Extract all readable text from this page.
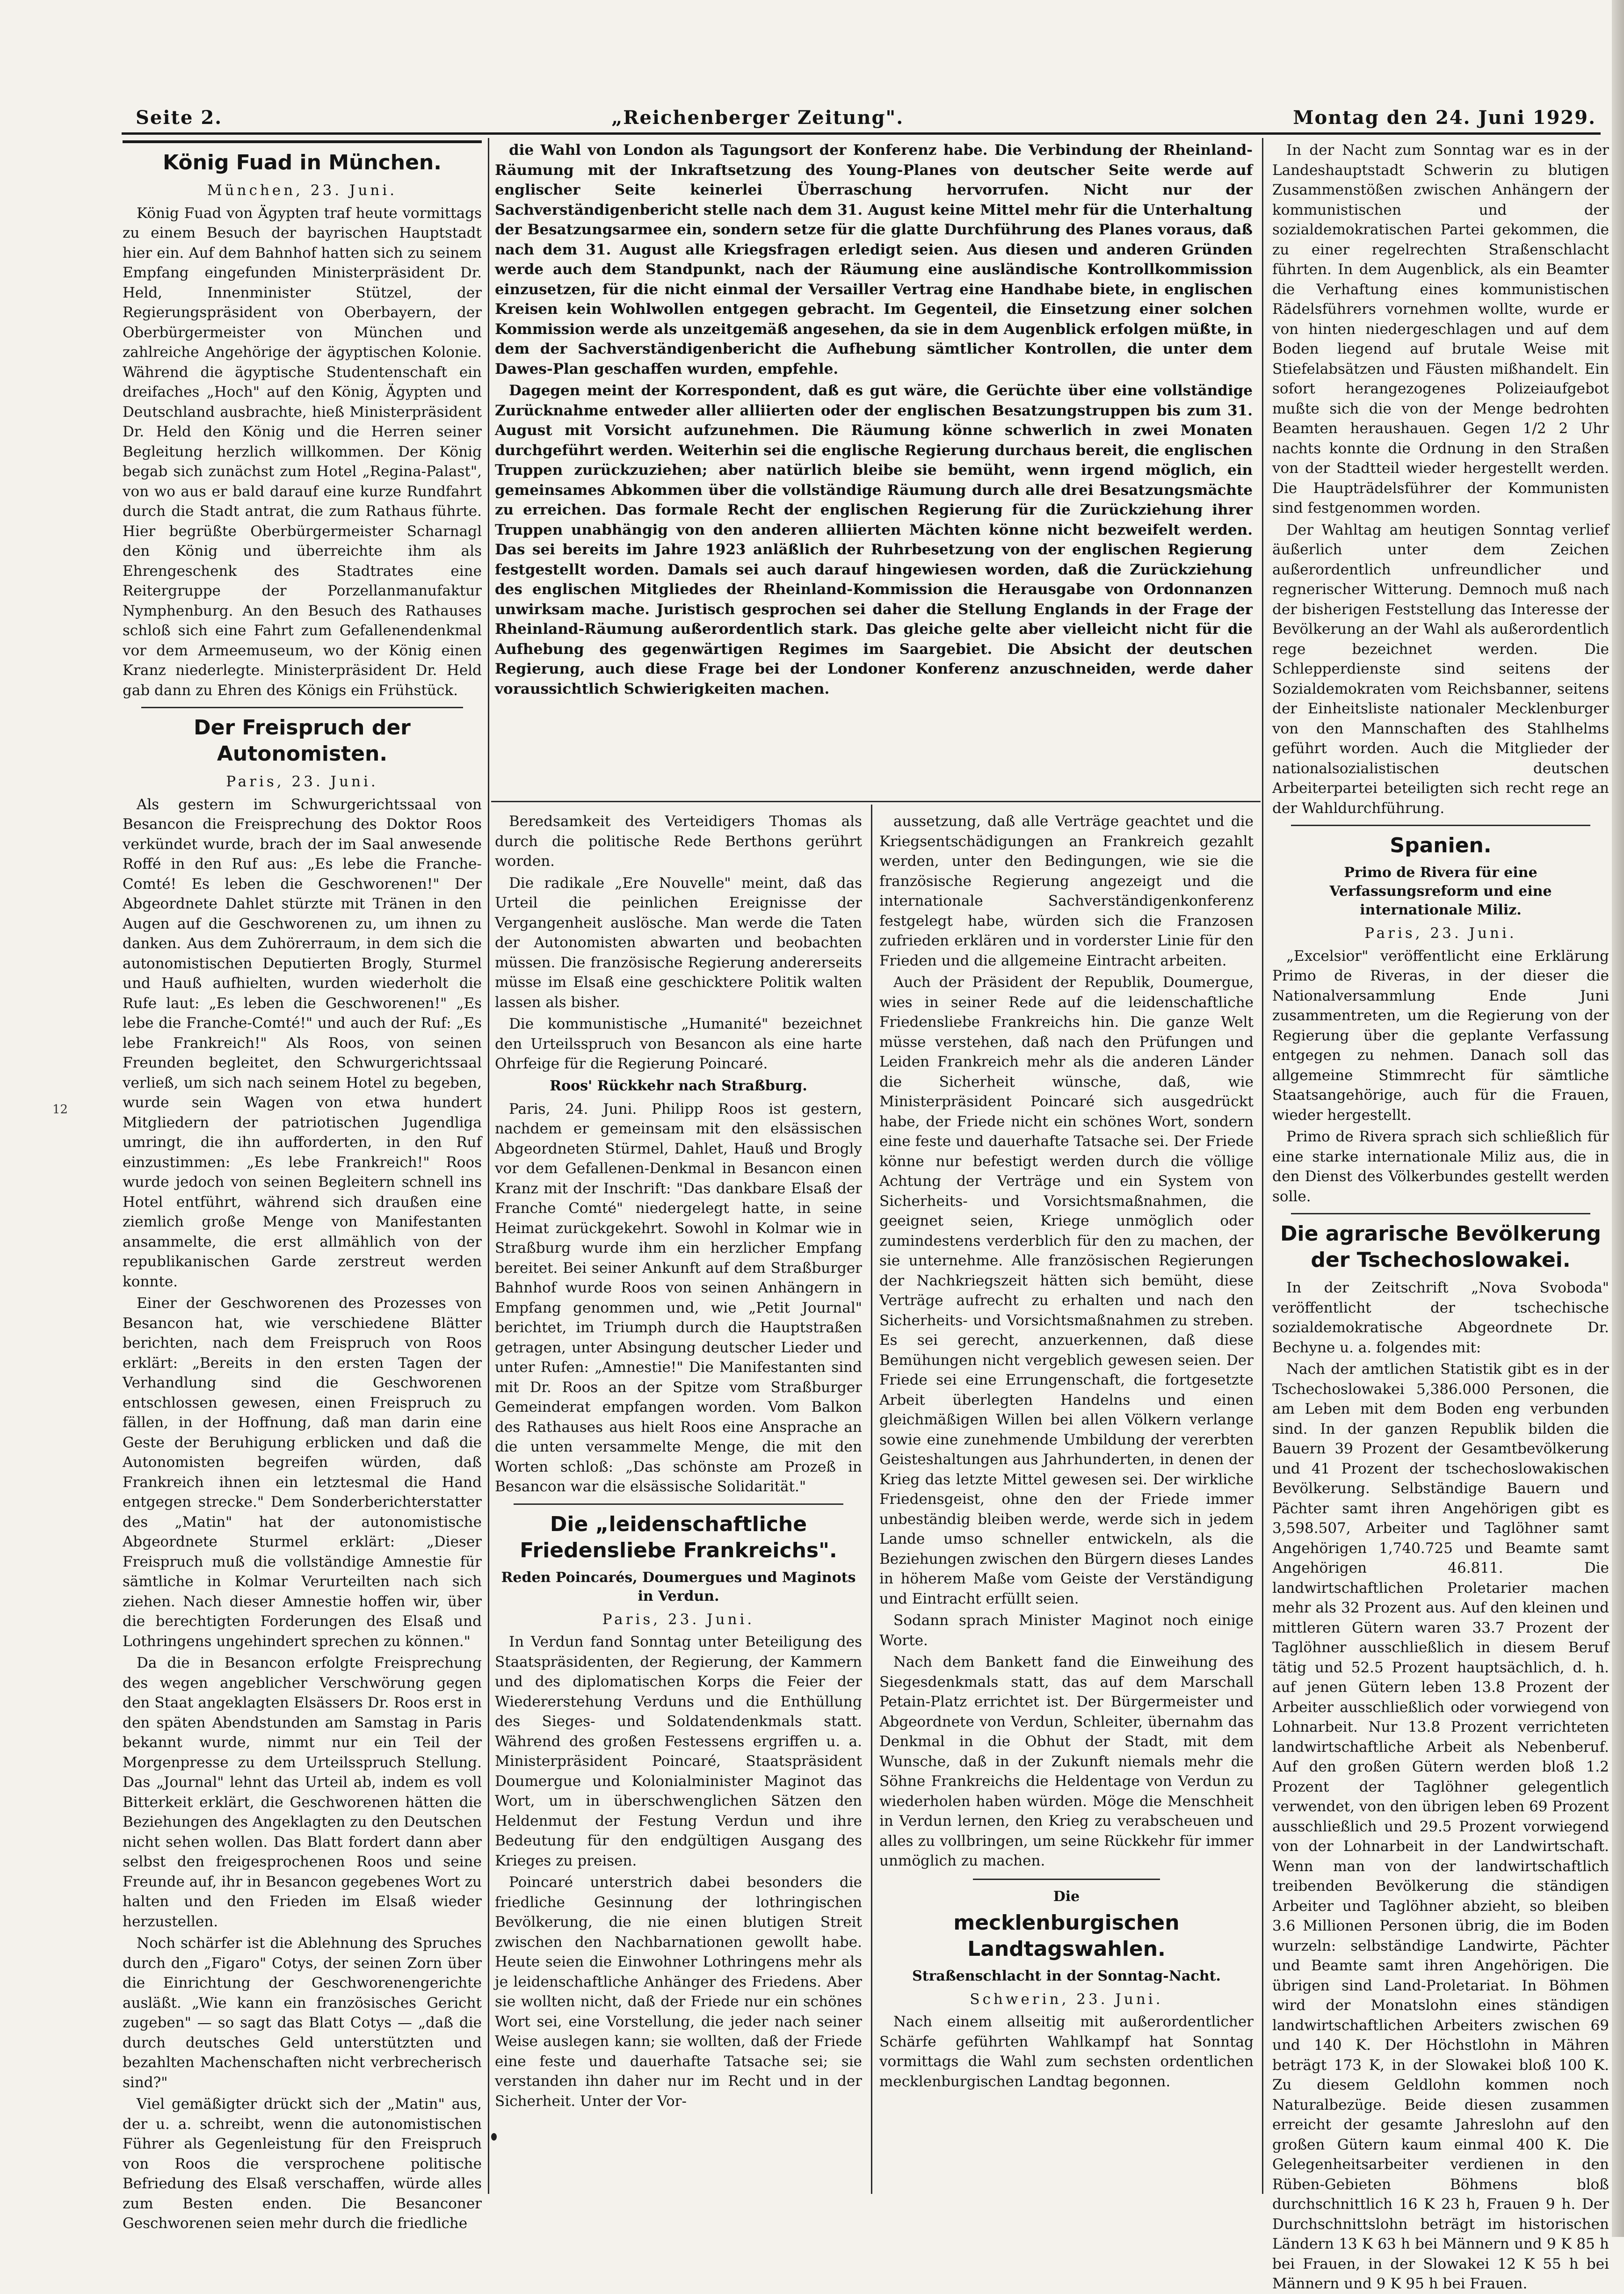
Seite 2.	„Reichenberger Zeitung".	Montag den 24. Juni 1929.
12
König Fuad in München.

München, 23. Juni.

König Fuad von Ägypten traf heute vormittags zu einem Besuch der bayrischen Hauptstadt hier ein. Auf dem Bahnhof hatten sich zu seinem Empfang eingefunden Ministerpräsident Dr. Held, Innenminister Stützel, der Regierungspräsident von Oberbayern, der Oberbürgermeister von München und zahlreiche Angehörige der ägyptischen Kolonie. Während die ägyptische Studentenschaft ein dreifaches „Hoch" auf den König, Ägypten und Deutschland ausbrachte, hieß Ministerpräsident Dr. Held den König und die Herren seiner Begleitung herzlich willkommen. Der König begab sich zunächst zum Hotel „Regina-Palast", von wo aus er bald darauf eine kurze Rundfahrt durch die Stadt antrat, die zum Rathaus führte. Hier begrüßte Oberbürgermeister Scharnagl den König und überreichte ihm als Ehrengeschenk des Stadtrates eine Reitergruppe der Porzellanmanufaktur Nymphenburg. An den Besuch des Rathauses schloß sich eine Fahrt zum Gefallenendenkmal vor dem Armeemuseum, wo der König einen Kranz niederlegte. Ministerpräsident Dr. Held gab dann zu Ehren des Königs ein Frühstück.

Der Freispruch der Autonomisten.

Paris, 23. Juni.

Als gestern im Schwurgerichtssaal von Besancon die Freisprechung des Doktor Roos verkündet wurde, brach der im Saal anwesende Roffé in den Ruf aus: „Es lebe die Franche-Comté! Es leben die Geschworenen!" Der Abgeordnete Dahlet stürzte mit Tränen in den Augen auf die Geschworenen zu, um ihnen zu danken. Aus dem Zuhörerraum, in dem sich die autonomistischen Deputierten Brogly, Sturmel und Hauß aufhielten, wurden wiederholt die Rufe laut: „Es leben die Geschworenen!" „Es lebe die Franche-Comté!" und auch der Ruf: „Es lebe Frankreich!" Als Roos, von seinen Freunden begleitet, den Schwurgerichtssaal verließ, um sich nach seinem Hotel zu begeben, wurde sein Wagen von etwa hundert Mitgliedern der patriotischen Jugendliga umringt, die ihn aufforderten, in den Ruf einzustimmen: „Es lebe Frankreich!" Roos wurde jedoch von seinen Begleitern schnell ins Hotel entführt, während sich draußen eine ziemlich große Menge von Manifestanten ansammelte, die erst allmählich von der republikanischen Garde zerstreut werden konnte.

Einer der Geschworenen des Prozesses von Besancon hat, wie verschiedene Blätter berichten, nach dem Freispruch von Roos erklärt: „Bereits in den ersten Tagen der Verhandlung sind die Geschworenen entschlossen gewesen, einen Freispruch zu fällen, in der Hoffnung, daß man darin eine Geste der Beruhigung erblicken und daß die Autonomisten begreifen würden, daß Frankreich ihnen ein letztesmal die Hand entgegen strecke." Dem Sonderberichterstatter des „Matin" hat der autonomistische Abgeordnete Sturmel erklärt: „Dieser Freispruch muß die vollständige Amnestie für sämtliche in Kolmar Verurteilten nach sich ziehen. Nach dieser Amnestie hoffen wir, über die berechtigten Forderungen des Elsaß und Lothringens ungehindert sprechen zu können."

Da die in Besancon erfolgte Freisprechung des wegen angeblicher Verschwörung gegen den Staat angeklagten Elsässers Dr. Roos erst in den späten Abendstunden am Samstag in Paris bekannt wurde, nimmt nur ein Teil der Morgenpresse zu dem Urteilsspruch Stellung. Das „Journal" lehnt das Urteil ab, indem es voll Bitterkeit erklärt, die Geschworenen hätten die Beziehungen des Angeklagten zu den Deutschen nicht sehen wollen. Das Blatt fordert dann aber selbst den freigesprochenen Roos und seine Freunde auf, ihr in Besancon gegebenes Wort zu halten und den Frieden im Elsaß wieder herzustellen.

Noch schärfer ist die Ablehnung des Spruches durch den „Figaro" Cotys, der seinen Zorn über die Einrichtung der Geschworenengerichte ausläßt. „Wie kann ein französisches Gericht zugeben" — so sagt das Blatt Cotys — „daß die durch deutsches Geld unterstützten und bezahlten Machenschaften nicht verbrecherisch sind?"

Viel gemäßigter drückt sich der „Matin" aus, der u. a. schreibt, wenn die autonomistischen Führer als Gegenleistung für den Freispruch von Roos die versprochene politische Befriedung des Elsaß verschaffen, würde alles zum Besten enden. Die Besanconer Geschworenen seien mehr durch die friedliche

die Wahl von London als Tagungsort der Konferenz habe. Die Verbindung der Rheinland-Räumung mit der Inkraftsetzung des Young-Planes von deutscher Seite werde auf englischer Seite keinerlei Überraschung hervorrufen. Nicht nur der Sachverständigenbericht stelle nach dem 31. August keine Mittel mehr für die Unterhaltung der Besatzungsarmee ein, sondern setze für die glatte Durchführung des Planes voraus, daß nach dem 31. August alle Kriegsfragen erledigt seien. Aus diesen und anderen Gründen werde auch dem Standpunkt, nach der Räumung eine ausländische Kontrollkommission einzusetzen, für die nicht einmal der Versailler Vertrag eine Handhabe biete, in englischen Kreisen kein Wohlwollen entgegen gebracht. Im Gegenteil, die Einsetzung einer solchen Kommission werde als unzeitgemäß angesehen, da sie in dem Augenblick erfolgen müßte, in dem der Sachverständigenbericht die Aufhebung sämtlicher Kontrollen, die unter dem Dawes-Plan geschaffen wurden, empfehle.

Dagegen meint der Korrespondent, daß es gut wäre, die Gerüchte über eine vollständige Zurücknahme entweder aller alliierten oder der englischen Besatzungstruppen bis zum 31. August mit Vorsicht aufzunehmen. Die Räumung könne schwerlich in zwei Monaten durchgeführt werden. Weiterhin sei die englische Regierung durchaus bereit, die englischen Truppen zurückzuziehen; aber natürlich bleibe sie bemüht, wenn irgend möglich, ein gemeinsames Abkommen über die vollständige Räumung durch alle drei Besatzungsmächte zu erreichen. Das formale Recht der englischen Regierung für die Zurückziehung ihrer Truppen unabhängig von den anderen alliierten Mächten könne nicht bezweifelt werden. Das sei bereits im Jahre 1923 anläßlich der Ruhrbesetzung von der englischen Regierung festgestellt worden. Damals sei auch darauf hingewiesen worden, daß die Zurückziehung des englischen Mitgliedes der Rheinland-Kommission die Herausgabe von Ordonnanzen unwirksam mache. Juristisch gesprochen sei daher die Stellung Englands in der Frage der Rheinland-Räumung außerordentlich stark. Das gleiche gelte aber vielleicht nicht für die Aufhebung des gegenwärtigen Regimes im Saargebiet. Die Absicht der deutschen Regierung, auch diese Frage bei der Londoner Konferenz anzuschneiden, werde daher voraussichtlich Schwierigkeiten machen.

Beredsamkeit des Verteidigers Thomas als durch die politische Rede Berthons gerührt worden.

Die radikale „Ere Nouvelle" meint, daß das Urteil die peinlichen Ereignisse der Vergangenheit auslösche. Man werde die Taten der Autonomisten abwarten und beobachten müssen. Die französische Regierung andererseits müsse im Elsaß eine geschicktere Politik walten lassen als bisher.

Die kommunistische „Humanité" bezeichnet den Urteilsspruch von Besancon als eine harte Ohrfeige für die Regierung Poincaré.

Roos' Rückkehr nach Straßburg.

Paris, 24. Juni. Philipp Roos ist gestern, nachdem er gemeinsam mit den elsässischen Abgeordneten Stürmel, Dahlet, Hauß und Brogly vor dem Gefallenen-Denkmal in Besancon einen Kranz mit der Inschrift: "Das dankbare Elsaß der Franche Comté" niedergelegt hatte, in seine Heimat zurückgekehrt. Sowohl in Kolmar wie in Straßburg wurde ihm ein herzlicher Empfang bereitet. Bei seiner Ankunft auf dem Straßburger Bahnhof wurde Roos von seinen Anhängern in Empfang genommen und, wie „Petit Journal" berichtet, im Triumph durch die Hauptstraßen getragen, unter Absingung deutscher Lieder und unter Rufen: „Amnestie!" Die Manifestanten sind mit Dr. Roos an der Spitze vom Straßburger Gemeinderat empfangen worden. Vom Balkon des Rathauses aus hielt Roos eine Ansprache an die unten versammelte Menge, die mit den Worten schloß: „Das schönste am Prozeß in Besancon war die elsässische Solidarität."

Die „leidenschaftliche Friedensliebe Frankreichs".
Reden Poincarés, Doumergues und Maginots in Verdun.

Paris, 23. Juni.

In Verdun fand Sonntag unter Beteiligung des Staatspräsidenten, der Regierung, der Kammern und des diplomatischen Korps die Feier der Wiedererstehung Verduns und die Enthüllung des Sieges- und Soldatendenkmals statt. Während des großen Festessens ergriffen u. a. Ministerpräsident Poincaré, Staatspräsident Doumergue und Kolonialminister Maginot das Wort, um in überschwenglichen Sätzen den Heldenmut der Festung Verdun und ihre Bedeutung für den endgültigen Ausgang des Krieges zu preisen.

Poincaré unterstrich dabei besonders die friedliche Gesinnung der lothringischen Bevölkerung, die nie einen blutigen Streit zwischen den Nachbarnationen gewollt habe. Heute seien die Einwohner Lothringens mehr als je leidenschaftliche Anhänger des Friedens. Aber sie wollten nicht, daß der Friede nur ein schönes Wort sei, eine Vorstellung, die jeder nach seiner Weise auslegen kann; sie wollten, daß der Friede eine feste und dauerhafte Tatsache sei; sie verstanden ihn daher nur im Recht und in der Sicherheit. Unter der Vor-

aussetzung, daß alle Verträge geachtet und die Kriegsentschädigungen an Frankreich gezahlt werden, unter den Bedingungen, wie sie die französische Regierung angezeigt und die internationale Sachverständigenkonferenz festgelegt habe, würden sich die Franzosen zufrieden erklären und in vorderster Linie für den Frieden und die allgemeine Eintracht arbeiten.

Auch der Präsident der Republik, Doumergue, wies in seiner Rede auf die leidenschaftliche Friedensliebe Frankreichs hin. Die ganze Welt müsse verstehen, daß nach den Prüfungen und Leiden Frankreich mehr als die anderen Länder die Sicherheit wünsche, daß, wie Ministerpräsident Poincaré sich ausgedrückt habe, der Friede nicht ein schönes Wort, sondern eine feste und dauerhafte Tatsache sei. Der Friede könne nur befestigt werden durch die völlige Achtung der Verträge und ein System von Sicherheits- und Vorsichtsmaßnahmen, die geeignet seien, Kriege unmöglich oder zumindestens verderblich für den zu machen, der sie unternehme. Alle französischen Regierungen der Nachkriegszeit hätten sich bemüht, diese Verträge aufrecht zu erhalten und nach den Sicherheits- und Vorsichtsmaßnahmen zu streben. Es sei gerecht, anzuerkennen, daß diese Bemühungen nicht vergeblich gewesen seien. Der Friede sei eine Errungenschaft, die fortgesetzte Arbeit überlegten Handelns und einen gleichmäßigen Willen bei allen Völkern verlange sowie eine zunehmende Umbildung der vererbten Geisteshaltungen aus Jahrhunderten, in denen der Krieg das letzte Mittel gewesen sei. Der wirkliche Friedensgeist, ohne den der Friede immer unbeständig bleiben werde, werde sich in jedem Lande umso schneller entwickeln, als die Beziehungen zwischen den Bürgern dieses Landes in höherem Maße vom Geiste der Verständigung und Eintracht erfüllt seien.

Sodann sprach Minister Maginot noch einige Worte.

Nach dem Bankett fand die Einweihung des Siegesdenkmals statt, das auf dem Marschall Petain-Platz errichtet ist. Der Bürgermeister und Abgeordnete von Verdun, Schleiter, übernahm das Denkmal in die Obhut der Stadt, mit dem Wunsche, daß in der Zukunft niemals mehr die Söhne Frankreichs die Heldentage von Verdun zu wiederholen haben würden. Möge die Menschheit in Verdun lernen, den Krieg zu verabscheuen und alles zu vollbringen, um seine Rückkehr für immer unmöglich zu machen.

Die
mecklenburgischen Landtagswahlen.
Straßenschlacht in der Sonntag-Nacht.

Schwerin, 23. Juni.

Nach einem allseitig mit außerordentlicher Schärfe geführten Wahlkampf hat Sonntag vormittags die Wahl zum sechsten ordentlichen mecklenburgischen Landtag begonnen.

In der Nacht zum Sonntag war es in der Landeshauptstadt Schwerin zu blutigen Zusammenstößen zwischen Anhängern der kommunistischen und der sozialdemokratischen Partei gekommen, die zu einer regelrechten Straßenschlacht führten. In dem Augenblick, als ein Beamter die Verhaftung eines kommunistischen Rädelsführers vornehmen wollte, wurde er von hinten niedergeschlagen und auf dem Boden liegend auf brutale Weise mit Stiefelabsätzen und Fäusten mißhandelt. Ein sofort herangezogenes Polizeiaufgebot mußte sich die von der Menge bedrohten Beamten heraushauen. Gegen 1/2 2 Uhr nachts konnte die Ordnung in den Straßen von der Stadtteil wieder hergestellt werden. Die Haupträdelsführer der Kommunisten sind festgenommen worden.

Der Wahltag am heutigen Sonntag verlief äußerlich unter dem Zeichen außerordentlich unfreundlicher und regnerischer Witterung. Demnoch muß nach der bisherigen Feststellung das Interesse der Bevölkerung an der Wahl als außerordentlich rege bezeichnet werden. Die Schlepperdienste sind seitens der Sozialdemokraten vom Reichsbanner, seitens der Einheitsliste nationaler Mecklenburger von den Mannschaften des Stahlhelms geführt worden. Auch die Mitglieder der nationalsozialistischen deutschen Arbeiterpartei beteiligten sich recht rege an der Wahldurchführung.

Spanien.
Primo de Rivera für eine Verfassungsreform und eine internationale Miliz.

Paris, 23. Juni.

„Excelsior" veröffentlicht eine Erklärung Primo de Riveras, in der dieser die Nationalversammlung Ende Juni zusammentreten, um die Regierung von der Regierung über die geplante Verfassung entgegen zu nehmen. Danach soll das allgemeine Stimmrecht für sämtliche Staatsangehörige, auch für die Frauen, wieder hergestellt.

Primo de Rivera sprach sich schließlich für eine starke internationale Miliz aus, die in den Dienst des Völkerbundes gestellt werden solle.

Die agrarische Bevölkerung der Tschechoslowakei.

In der Zeitschrift „Nova Svoboda" veröffentlicht der tschechische sozialdemokratische Abgeordnete Dr. Bechyne u. a. folgendes mit:

Nach der amtlichen Statistik gibt es in der Tschechoslowakei 5,386.000 Personen, die am Leben mit dem Boden eng verbunden sind. In der ganzen Republik bilden die Bauern 39 Prozent der Gesamtbevölkerung und 41 Prozent der tschechoslowakischen Bevölkerung. Selbständige Bauern und Pächter samt ihren Angehörigen gibt es 3,598.507, Arbeiter und Taglöhner samt Angehörigen 1,740.725 und Beamte samt Angehörigen 46.811. Die landwirtschaftlichen Proletarier machen mehr als 32 Prozent aus. Auf den kleinen und mittleren Gütern waren 33.7 Prozent der Taglöhner ausschließlich in diesem Beruf tätig und 52.5 Prozent hauptsächlich, d. h. auf jenen Gütern leben 13.8 Prozent der Arbeiter ausschließlich oder vorwiegend von Lohnarbeit. Nur 13.8 Prozent verrichteten landwirtschaftliche Arbeit als Nebenberuf. Auf den großen Gütern werden bloß 1.2 Prozent der Taglöhner gelegentlich verwendet, von den übrigen leben 69 Prozent ausschließlich und 29.5 Prozent vorwiegend von der Lohnarbeit in der Landwirtschaft. Wenn man von der landwirtschaftlich treibenden Bevölkerung die ständigen Arbeiter und Taglöhner abzieht, so bleiben 3.6 Millionen Personen übrig, die im Boden wurzeln: selbständige Landwirte, Pächter und Beamte samt ihren Angehörigen. Die übrigen sind Land-Proletariat. In Böhmen wird der Monatslohn eines ständigen landwirtschaftlichen Arbeiters zwischen 69 und 140 K. Der Höchstlohn in Mähren beträgt 173 K, in der Slowakei bloß 100 K. Zu diesem Geldlohn kommen noch Naturalbezüge. Beide diesen zusammen erreicht der gesamte Jahreslohn auf den großen Gütern kaum einmal 400 K. Die Gelegenheitsarbeiter verdienen in den Rüben-Gebieten Böhmens bloß durchschnittlich 16 K 23 h, Frauen 9 h. Der Durchschnittslohn beträgt im historischen Ländern 13 K 63 h bei Männern und 9 K 85 h bei Frauen, in der Slowakei 12 K 55 h bei Männern und 9 K 95 h bei Frauen.
